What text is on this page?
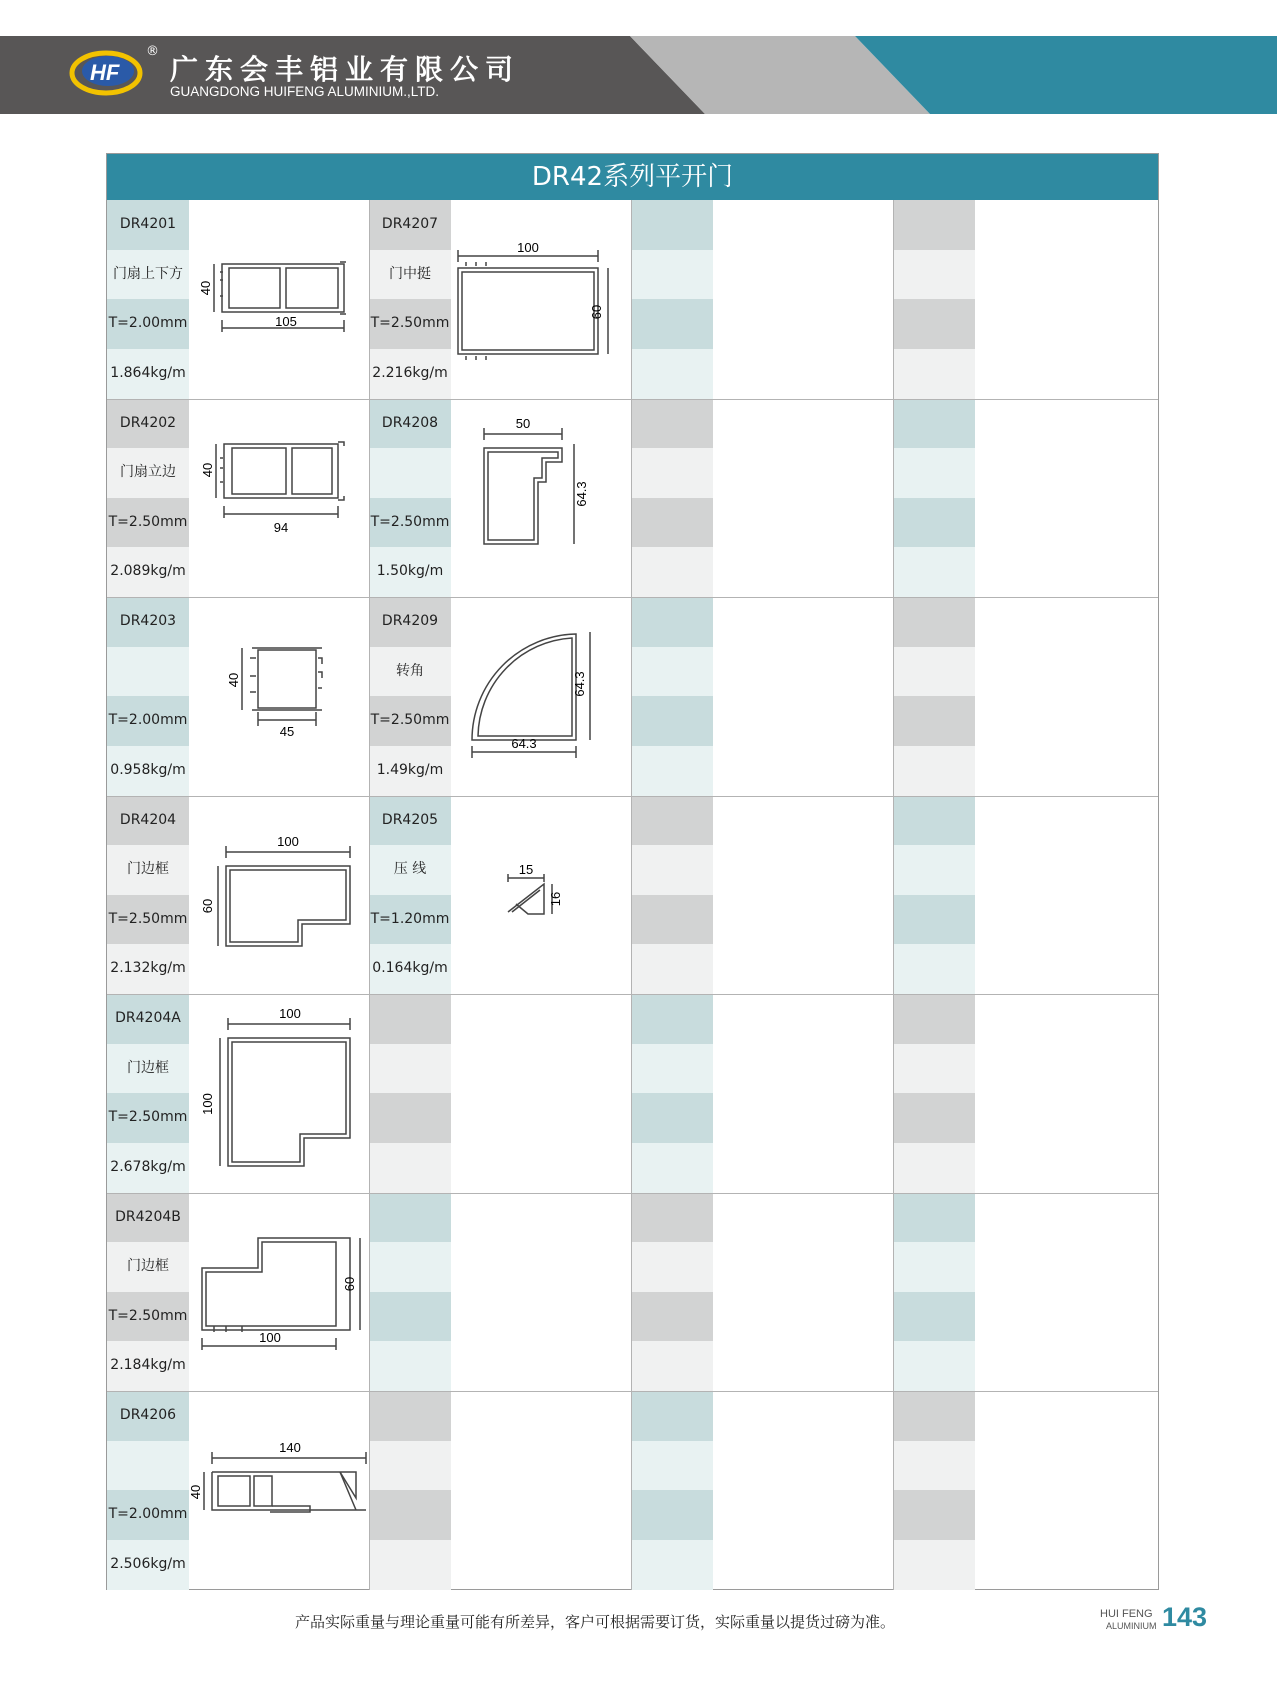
HF
®
广东会丰铝业有限公司
GUANGDONG HUIFENG ALUMINIUM.,LTD.
DR42系列平开门
DR4201
门扇上下方
T=2.00mm
1.864kg/m
DR4202
门扇立边
T=2.50mm
2.089kg/m
DR4203
T=2.00mm
0.958kg/m
DR4204
门边框
T=2.50mm
2.132kg/m
DR4204A
门边框
T=2.50mm
2.678kg/m
DR4204B
门边框
T=2.50mm
2.184kg/m
DR4206
T=2.00mm
2.506kg/m
DR4207
门中挺
T=2.50mm
2.216kg/m
DR4208
T=2.50mm
1.50kg/m
DR4209
转角
T=2.50mm
1.49kg/m
DR4205
压 线
T=1.20mm
0.164kg/m
105
40
94
40
45
40
100
60
100
100
100
60
140
40
100
60
50
64.3
64.3
64.3
15
16
产品实际重量与理论重量可能有所差异，客户可根据需要订货，实际重量以提货过磅为准。	HUI FENG
ALUMINIUM 143
